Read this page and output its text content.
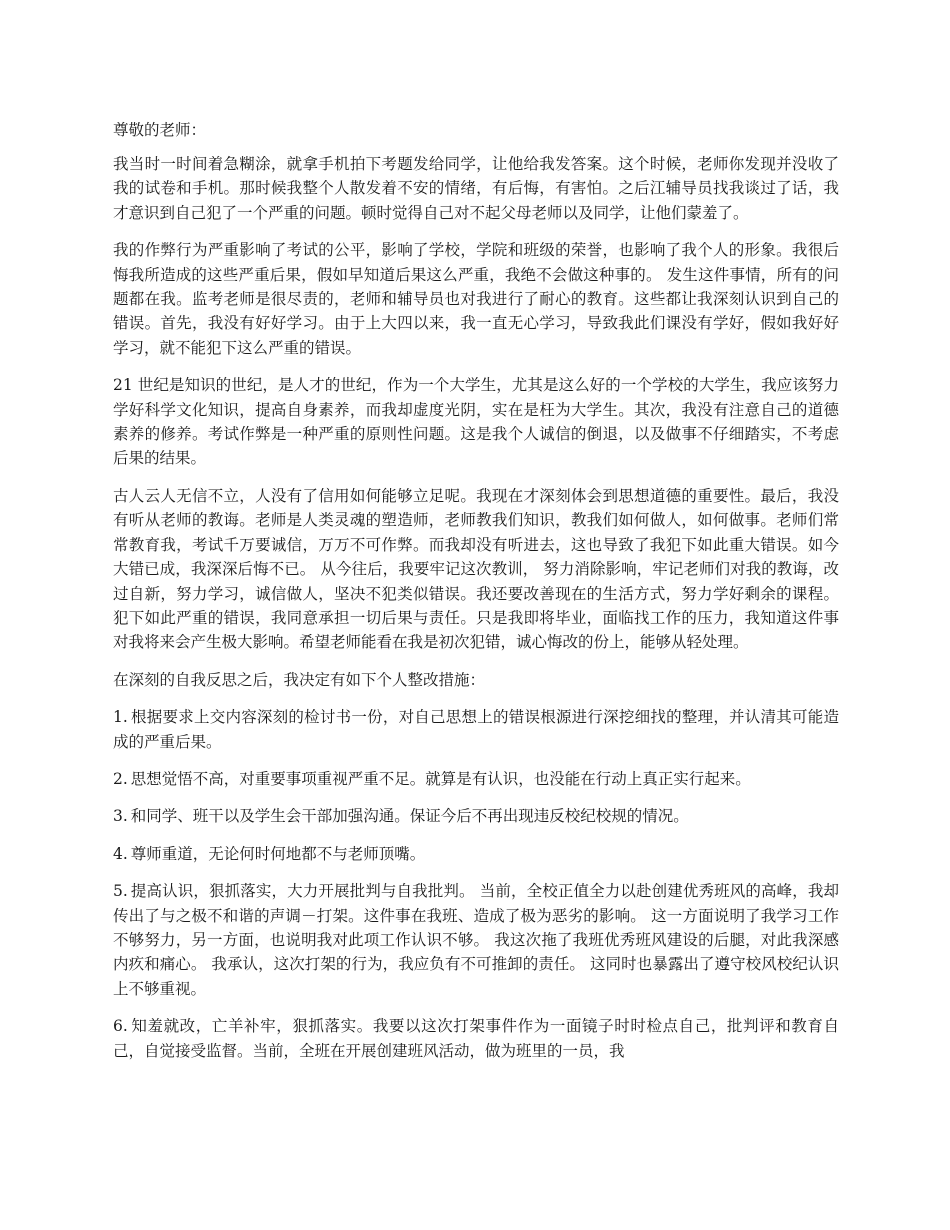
尊敬的老师：

我当时一时间着急糊涂，就拿手机拍下考题发给同学，让他给我发答案。这个时候，老师你发现并没收了我的试卷和手机。那时候我整个人散发着不安的情绪，有后悔，有害怕。之后江辅导员找我谈过了话，我才意识到自己犯了一个严重的问题。顿时觉得自己对不起父母老师以及同学，让他们蒙羞了。

我的作弊行为严重影响了考试的公平，影响了学校，学院和班级的荣誉，也影响了我个人的形象。我很后悔我所造成的这些严重后果，假如早知道后果这么严重，我绝不会做这种事的。 发生这件事情，所有的问题都在我。监考老师是很尽责的，老师和辅导员也对我进行了耐心的教育。这些都让我深刻认识到自己的错误。首先，我没有好好学习。由于上大四以来，我一直无心学习，导致我此们课没有学好，假如我好好学习，就不能犯下这么严重的错误。

21 世纪是知识的世纪，是人才的世纪，作为一个大学生，尤其是这么好的一个学校的大学生，我应该努力学好科学文化知识，提高自身素养，而我却虚度光阴，实在是枉为大学生。其次，我没有注意自己的道德素养的修养。考试作弊是一种严重的原则性问题。这是我个人诚信的倒退，以及做事不仔细踏实，不考虑后果的结果。

古人云人无信不立，人没有了信用如何能够立足呢。我现在才深刻体会到思想道德的重要性。最后，我没有听从老师的教诲。老师是人类灵魂的塑造师，老师教我们知识，教我们如何做人，如何做事。老师们常常教育我，考试千万要诚信，万万不可作弊。而我却没有听进去，这也导致了我犯下如此重大错误。如今大错已成，我深深后悔不已。 从今往后，我要牢记这次教训， 努力消除影响，牢记老师们对我的教诲，改过自新，努力学习，诚信做人，坚决不犯类似错误。我还要改善现在的生活方式，努力学好剩余的课程。犯下如此严重的错误，我同意承担一切后果与责任。只是我即将毕业，面临找工作的压力，我知道这件事对我将来会产生极大影响。希望老师能看在我是初次犯错，诚心悔改的份上，能够从轻处理。

在深刻的自我反思之后，我决定有如下个人整改措施：

1. 根据要求上交内容深刻的检讨书一份，对自己思想上的错误根源进行深挖细找的整理，并认清其可能造成的严重后果。

2. 思想觉悟不高，对重要事项重视严重不足。就算是有认识，也没能在行动上真正实行起来。

3. 和同学、班干以及学生会干部加强沟通。保证今后不再出现违反校纪校规的情况。

4. 尊师重道，无论何时何地都不与老师顶嘴。

5. 提高认识，狠抓落实，大力开展批判与自我批判。 当前，全校正值全力以赴创建优秀班风的高峰，我却传出了与之极不和谐的声调－打架。这件事在我班、造成了极为恶劣的影响。 这一方面说明了我学习工作不够努力，另一方面，也说明我对此项工作认识不够。 我这次拖了我班优秀班风建设的后腿，对此我深感内疚和痛心。 我承认，这次打架的行为，我应负有不可推卸的责任。 这同时也暴露出了遵守校风校纪认识上不够重视。

6. 知羞就改，亡羊补牢，狠抓落实。我要以这次打架事件作为一面镜子时时检点自己，批判评和教育自己，自觉接受监督。当前，全班在开展创建班风活动，做为班里的一员，我
